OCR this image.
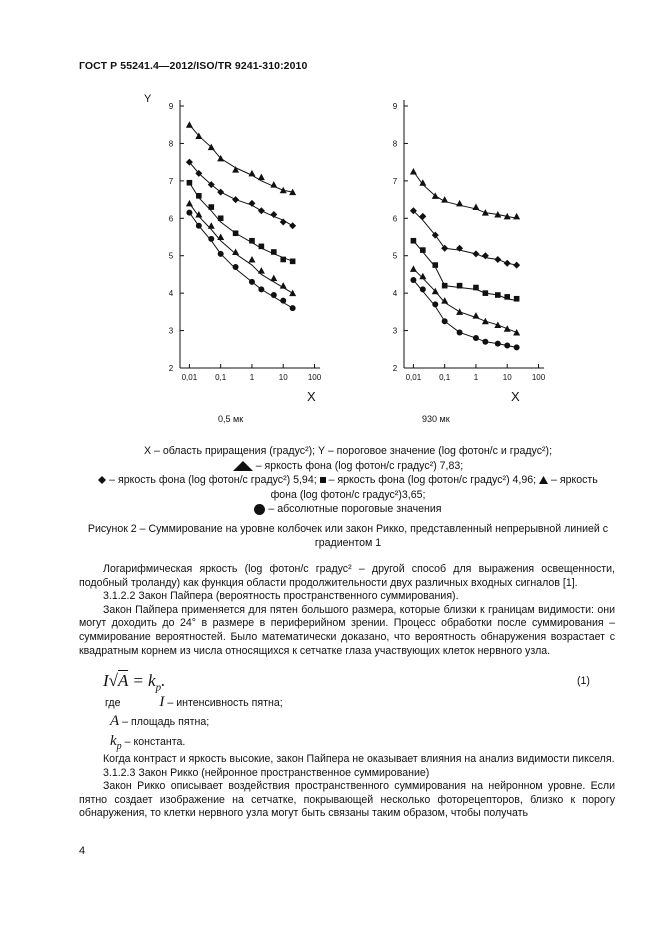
ГОСТ Р 55241.4—2012/ISO/TR 9241-310:2010
Y
X
2
3
4
5
6
7
8
9
0,01 0,1	1	10	100
X
2
3
4
5
6
7
8
9
0,01 0,1	1	10	100
0,5 мк	930 мк
X – область приращения (градус²); Y – пороговое значение (log фотон/с и градус²);
– яркость фона (log фотон/с градус²) 7,83;
– яркость фона (log фотон/с градус²) 5,94; – яркость фона (log фотон/с градус²) 4,96; – яркость
фона (log фотон/с градус²)3,65;
– абсолютные пороговые значения
Рисунок 2 – Суммирование на уровне колбочек или закон Рикко, представленный непрерывной линией с градиентом 1

Логарифмическая яркость (log фотон/с градус² – другой способ для выражения освещенности, подобный троланду) как функция области продолжительности двух различных входных сигналов [1].

3.1.2.2 Закон Пайпера (вероятность пространственного суммирования).

Закон Пайпера применяется для пятен большого размера, которые близки к границам видимости: они могут доходить до 24° в размере в периферийном зрении. Процесс обработки после суммирования – суммирование вероятностей. Было математически доказано, что вероятность обнаружения возрастает с квадратным корнем из числа относящихся к сетчатке глаза участвующих клеток нервного узла.

$I√A = k_p$.	(1)
где	I – интенсивность пятна;
A – площадь пятна;
$k_p$ – константа.

Когда контраст и яркость высокие, закон Пайпера не оказывает влияния на анализ видимости пикселя.

3.1.2.3 Закон Рикко (нейронное пространственное суммирование)

Закон Рикко описывает воздействия пространственного суммирования на нейронном уровне. Если пятно создает изображение на сетчатке, покрывающей несколько фоторецепторов, близко к порогу обнаружения, то клетки нервного узла могут быть связаны таким образом, чтобы получать

4
